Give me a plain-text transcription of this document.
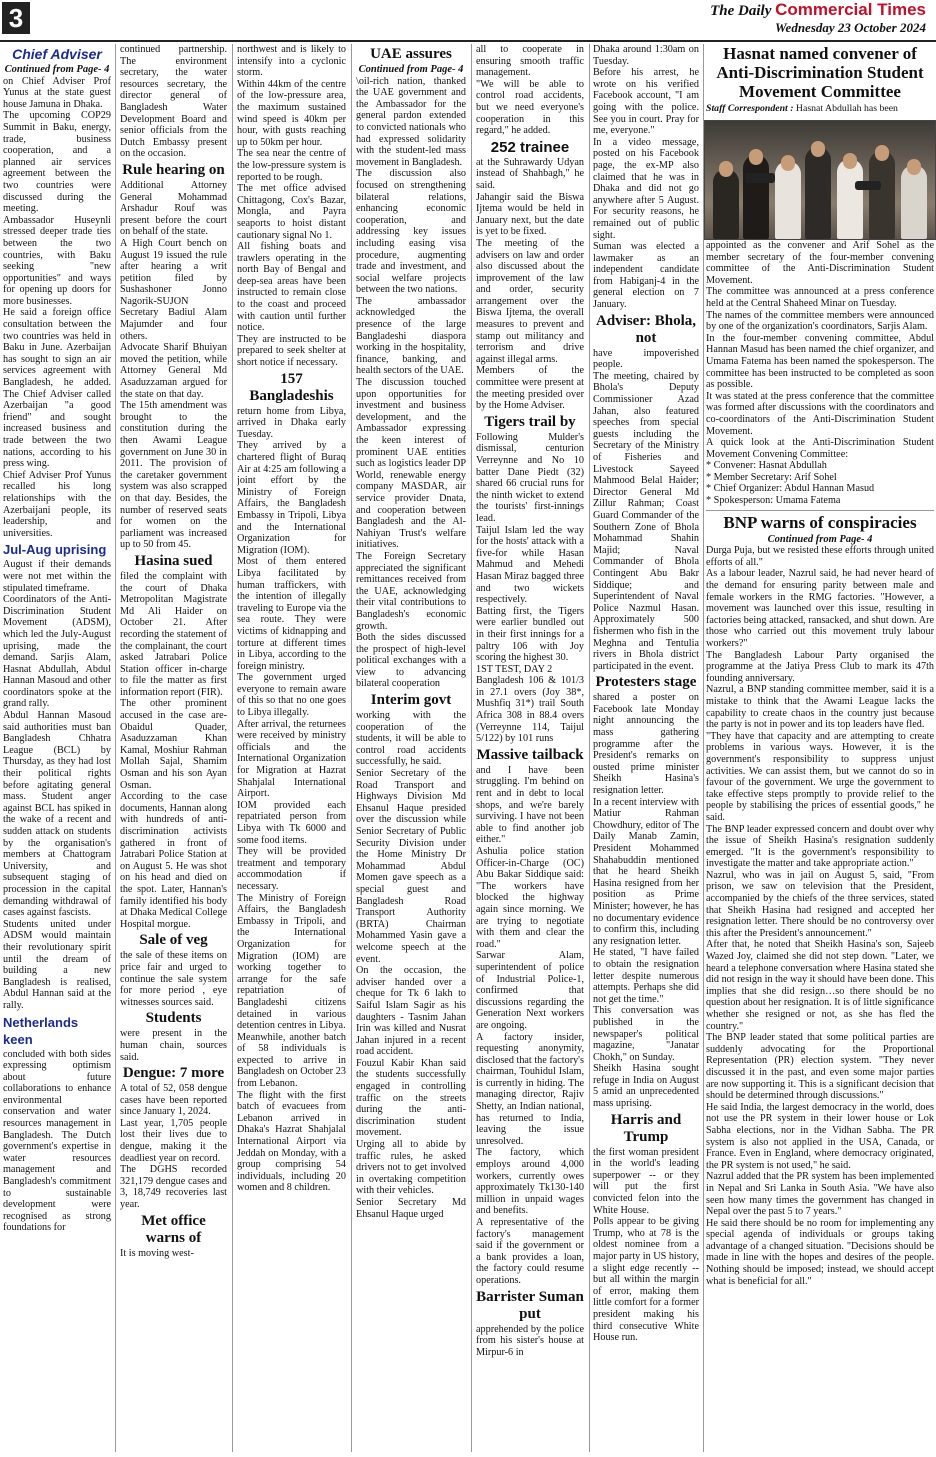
3	The Daily Commercial Times
Wednesday 23 October 2024
Chief Adviser
Continued from Page- 4

on Chief Adviser Prof Yunus at the state guest house Jamuna in Dhaka.

The upcoming COP29 Summit in Baku, energy, trade, business cooperation, and a planned air services agreement between the two countries were discussed during the meeting.

Ambassador Huseynli stressed deeper trade ties between the two countries, with Baku seeking "new opportunities" and ways for opening up doors for more businesses.

He said a foreign office consultation between the two countries was held in Baku in June. Azerbaijan has sought to sign an air services agreement with Bangladesh, he added. The Chief Adviser called Azerbaijan "a good friend" and sought increased business and trade between the two nations, according to his press wing.

Chief Adviser Prof Yunus recalled his long relationships with the Azerbaijani people, its leadership, and universities.

Jul-Aug uprising

August if their demands were not met within the stipulated timeframe.

Coordinators of the Anti-Discrimination Student Movement (ADSM), which led the July-August uprising, made the demand. Sarjis Alam, Hasnat Abdullah, Abdul Hannan Masoud and other coordinators spoke at the grand rally.

Abdul Hannan Masoud said authorities must ban Bangladesh Chhatra League (BCL) by Thursday, as they had lost their political rights before agitating general mass. Student anger against BCL has spiked in the wake of a recent and sudden attack on students by the organisation's members at Chattogram University, and subsequent staging of procession in the capital demanding withdrawal of cases against fascists.

Students united under ADSM would maintain their revolutionary spirit until the dream of building a new Bangladesh is realised, Abdul Hannan said at the rally.

Netherlands keen

concluded with both sides expressing optimism about future collaborations to enhance environmental conservation and water resources management in Bangladesh. The Dutch government's expertise in water resources management and Bangladesh's commitment to sustainable development were recognised as strong foundations for

continued partnership. The environment secretary, the water resources secretary, the director general of Bangladesh Water Development Board and senior officials from the Dutch Embassy present on the occasion.

Rule hearing on

Additional Attorney General Mohammad Arshadur Rouf was present before the court on behalf of the state.

A High Court bench on August 19 issued the rule after hearing a writ petition filed by Sushashoner Jonno Nagorik-SUJON Secretary Badiul Alam Majumder and four others.

Advocate Sharif Bhuiyan moved the petition, while Attorney General Md Asaduzzaman argued for the state on that day.

The 15th amendment was brought to the constitution during the then Awami League government on June 30 in 2011. The provision of the caretaker government system was also scrapped on that day. Besides, the number of reserved seats for women on the parliament was increased up to 50 from 45.

Hasina sued

filed the complaint with the court of Dhaka Metropolitan Magistrate Md Ali Haider on October 21. After recording the statement of the complainant, the court asked Jatrabari Police Station officer in-charge to file the matter as first information report (FIR).

The other prominent accused in the case are-Obaidul Quader, Asaduzzaman Khan Kamal, Moshiur Rahman Mollah Sajal, Shamim Osman and his son Ayan Osman.

According to the case documents, Hannan along with hundreds of anti-discrimination activists gathered in front of Jatrabari Police Station at on August 5. He was shot on his head and died on the spot. Later, Hannan's family identified his body at Dhaka Medical College Hospital morgue.

Sale of veg

the sale of these items on price fair and urged to continue the sale system for more period , eye witnesses sources said.

Students

were present in the human chain, sources said.

Dengue: 7 more

A total of 52, 058 dengue cases have been reported since January 1, 2024.

Last year, 1,705 people lost their lives due to dengue, making it the deadliest year on record.

The DGHS recorded 321,179 dengue cases and 3, 18,749 recoveries last year.

Met office warns of

It is moving west-

northwest and is likely to intensify into a cyclonic storm.

Within 44km of the centre of the low-pressure area, the maximum sustained wind speed is 40km per hour, with gusts reaching up to 50km per hour.

The sea near the centre of the low-pressure system is reported to be rough.

The met office advised Chittagong, Cox's Bazar, Mongla, and Payra seaports to hoist distant cautionary signal No 1.

All fishing boats and trawlers operating in the north Bay of Bengal and deep-sea areas have been instructed to remain close to the coast and proceed with caution until further notice.

They are instructed to be prepared to seek shelter at short notice if necessary.

157 Bangladeshis

return home from Libya, arrived in Dhaka early Tuesday.

They arrived by a chartered flight of Buraq Air at 4:25 am following a joint effort by the Ministry of Foreign Affairs, the Bangladesh Embassy in Tripoli, Libya and the International Organization for Migration (IOM).

Most of them entered Libya facilitated by human traffickers, with the intention of illegally traveling to Europe via the sea route. They were victims of kidnapping and torture at different times in Libya, according to the foreign ministry.

The government urged everyone to remain aware of this so that no one goes to Libya illegally.

After arrival, the returnees were received by ministry officials and the International Organization for Migration at Hazrat Shahjalal International Airport.

IOM provided each repatriated person from Libya with Tk 6000 and some food items.

They will be provided treatment and temporary accommodation if necessary.

The Ministry of Foreign Affairs, the Bangladesh Embassy in Tripoli, and the International Organization for Migration (IOM) are working together to arrange for the safe repatriation of Bangladeshi citizens detained in various detention centres in Libya.

Meanwhile, another batch of 58 individuals is expected to arrive in Bangladesh on October 23 from Lebanon.

The flight with the first batch of evacuees from Lebanon arrived in Dhaka's Hazrat Shahjalal International Airport via Jeddah on Monday, with a group comprising 54 individuals, including 20 women and 8 children.

UAE assures
Continued from Page- 4

\oil-rich nation, thanked the UAE government and the Ambassador for the general pardon extended to convicted nationals who had expressed solidarity with the student-led mass movement in Bangladesh.

The discussion also focused on strengthening bilateral relations, enhancing economic cooperation, and addressing key issues including easing visa procedure, augmenting trade and investment, and social welfare projects between the two nations.

The ambassador acknowledged the presence of the large Bangladeshi diaspora working in the hospitality, finance, banking, and health sectors of the UAE.

The discussion touched upon opportunities for investment and business development, and the Ambassador expressing the keen interest of prominent UAE entities such as logistics leader DP World, renewable energy company MASDAR, air service provider Dnata, and cooperation between Bangladesh and the Al-Nahiyan Trust's welfare initiatives.

The Foreign Secretary appreciated the significant remittances received from the UAE, acknowledging their vital contributions to Bangladesh's economic growth.

Both the sides discussed the prospect of high-level political exchanges with a view to advancing bilateral cooperation

Interim govt

working with the cooperation of the students, it will be able to control road accidents successfully, he said.

Senior Secretary of the Road Transport and Highways Division Md Ehsanul Haque presided over the discussion while Senior Secretary of Public Security Division under the Home Ministry Dr Mohammad Abdul Momen gave speech as a special guest and Bangladesh Road Transport Authority (BRTA) Chairman Mohammed Yasin gave a welcome speech at the event.

On the occasion, the adviser handed over a cheque for Tk 6 lakh to Saiful Islam Sagir as his daughters - Tasnim Jahan Irin was killed and Nusrat Jahan injured in a recent road accident.

Fouzul Kabir Khan said the students successfully engaged in controlling traffic on the streets during the anti-discrimination student movement.

Urging all to abide by traffic rules, he asked drivers not to get involved in overtaking competition with their vehicles.

Senior Secretary Md Ehsanul Haque urged

all to cooperate in ensuring smooth traffic management.

"We will be able to control road accidents, but we need everyone's cooperation in this regard," he added.

252 trainee

at the Suhrawardy Udyan instead of Shahbagh," he said.

Jahangir said the Biswa Ijtema would be held in January next, but the date is yet to be fixed.

The meeting of the advisers on law and order also discussed about the improvement of the law and order, security arrangement over the Biswa Ijtema, the overall measures to prevent and stamp out militancy and terrorism and drive against illegal arms.

Members of the committee were present at the meeting presided over by the Home Adviser.

Tigers trail by

Following Mulder's dismissal, centurion Verreynne and No 10 batter Dane Piedt (32) shared 66 crucial runs for the ninth wicket to extend the tourists' first-innings lead.

Taijul Islam led the way for the hosts' attack with a five-for while Hasan Mahmud and Mehedi Hasan Miraz bagged three and two wickets respectively.

Batting first, the Tigers were earlier bundled out in their first innings for a paltry 106 with Joy scoring the highest 30.

1ST TEST, DAY 2

Bangladesh 106 & 101/3 in 27.1 overs (Joy 38*, Mushfiq 31*) trail South Africa 308 in 88.4 overs (Verreynne 114, Taijul 5/122) by 101 runs

Massive tailback

and I have been struggling. I'm behind on rent and in debt to local shops, and we're barely surviving. I have not been able to find another job either."

Ashulia police station Officer-in-Charge (OC) Abu Bakar Siddique said: "The workers have blocked the highway again since morning. We are trying to negotiate with them and clear the road."

Sarwar Alam, superintendent of police of Industrial Police-1, confirmed that discussions regarding the Generation Next workers are ongoing.

A factory insider, requesting anonymity, disclosed that the factory's chairman, Touhidul Islam, is currently in hiding. The managing director, Rajiv Shetty, an Indian national, has returned to India, leaving the issue unresolved.

The factory, which employs around 4,000 workers, currently owes approximately Tk130-140 million in unpaid wages and benefits.

A representative of the factory's management said if the government or a bank provides a loan, the factory could resume operations.

Barrister Suman put

apprehended by the police from his sister's house at Mirpur-6 in

Dhaka around 1:30am on Tuesday.

Before his arrest, he wrote on his verified Facebook account, "I am going with the police. See you in court. Pray for me, everyone."

In a video message, posted on his Facebook page, the ex-MP also claimed that he was in Dhaka and did not go anywhere after 5 August. For security reasons, he remained out of public sight.

Suman was elected a lawmaker as an independent candidate from Habiganj-4 in the general election on 7 January.

Adviser: Bhola, not

have impoverished people.

The meeting, chaired by Bhola's Deputy Commissioner Azad Jahan, also featured speeches from special guests including the Secretary of the Ministry of Fisheries and Livestock Sayeed Mahmood Belal Haider; Director General Md Zillur Rahman; Coast Guard Commander of the Southern Zone of Bhola Mohammad Shahin Majid; Naval Commander of Bhola Contingent Abu Bakr Siddique; and Superintendent of Naval Police Nazmul Hasan. Approximately 500 fishermen who fish in the Meghna and Tentulia rivers in Bhola district participated in the event.

Protesters stage

shared a poster on Facebook late Monday night announcing the mass gathering programme after the President's remarks on ousted prime minister Sheikh Hasina's resignation letter.

In a recent interview with Matiur Rahman Chowdhury, editor of The Daily Manab Zamin, President Mohammed Shahabuddin mentioned that he heard Sheikh Hasina resigned from her position as Prime Minister; however, he has no documentary evidence to confirm this, including any resignation letter.

He stated, "I have failed to obtain the resignation letter despite numerous attempts. Perhaps she did not get the time."

This conversation was published in the newspaper's political magazine, "Janatar Chokh," on Sunday.

Sheikh Hasina sought refuge in India on August 5 amid an unprecedented mass uprising.

Harris and Trump

the first woman president in the world's leading superpower -- or they will put the first convicted felon into the White House.

Polls appear to be giving Trump, who at 78 is the oldest nominee from a major party in US history, a slight edge recently -- but all within the margin of error, making them little comfort for a former president making his third consecutive White House run.

Hasnat named convener of Anti-Discrimination Student Movement Committee

Staff Correspondent : Hasnat Abdullah has been

appointed as the convener and Arif Sohel as the member secretary of the four-member convening committee of the Anti-Discrimination Student Movement.

The committee was announced at a press conference held at the Central Shaheed Minar on Tuesday.

The names of the committee members were announced by one of the organization's coordinators, Sarjis Alam.

In the four-member convening committee, Abdul Hannan Masud has been named the chief organizer, and Umama Fatema has been named the spokesperson. The committee has been instructed to be completed as soon as possible.

It was stated at the press conference that the committee was formed after discussions with the coordinators and co-coordinators of the Anti-Discrimination Student Movement.

A quick look at the Anti-Discrimination Student Movement Convening Committee:

* Convener: Hasnat Abdullah

* Member Secretary: Arif Sohel

* Chief Organizer: Abdul Hannan Masud

* Spokesperson: Umama Fatema

BNP warns of conspiracies
Continued from Page- 4

Durga Puja, but we resisted these efforts through united efforts of all."

As a labour leader, Nazrul said, he had never heard of the demand for ensuring parity between male and female workers in the RMG factories. "However, a movement was launched over this issue, resulting in factories being attacked, ransacked, and shut down. Are those who carried out this movement truly labour workers?"

The Bangladesh Labour Party organised the programme at the Jatiya Press Club to mark its 47th founding anniversary.

Nazrul, a BNP standing committee member, said it is a mistake to think that the Awami League lacks the capability to create chaos in the country just because the party is not in power and its top leaders have fled.

"They have that capacity and are attempting to create problems in various ways. However, it is the government's responsibility to suppress unjust activities. We can assist them, but we cannot do so in favour of the government. We urge the government to take effective steps promptly to provide relief to the people by stabilising the prices of essential goods," he said.

The BNP leader expressed concern and doubt over why the issue of Sheikh Hasina's resignation suddenly emerged. "It is the government's responsibility to investigate the matter and take appropriate action."

Nazrul, who was in jail on August 5, said, "From prison, we saw on television that the President, accompanied by the chiefs of the three services, stated that Sheikh Hasina had resigned and accepted her resignation letter. There should be no controversy over this after the President's announcement."

After that, he noted that Sheikh Hasina's son, Sajeeb Wazed Joy, claimed she did not step down. "Later, we heard a telephone conversation where Hasina stated she did not resign in the way it should have been done. This implies that she did resign…so there should be no question about her resignation. It is of little significance whether she resigned or not, as she has fled the country."

The BNP leader stated that some political parties are suddenly advocating for the Proportional Representation (PR) election system. "They never discussed it in the past, and even some major parties are now supporting it. This is a significant decision that should be determined through discussions."

He said India, the largest democracy in the world, does not use the PR system in their lower house or Lok Sabha elections, nor in the Vidhan Sabha. The PR system is also not applied in the USA, Canada, or France. Even in England, where democracy originated, the PR system is not used," he said.

Nazrul added that the PR system has been implemented in Nepal and Sri Lanka in South Asia. "We have also seen how many times the government has changed in Nepal over the past 5 to 7 years."

He said there should be no room for implementing any special agenda of individuals or groups taking advantage of a changed situation. "Decisions should be made in line with the hopes and desires of the people. Nothing should be imposed; instead, we should accept what is beneficial for all."
